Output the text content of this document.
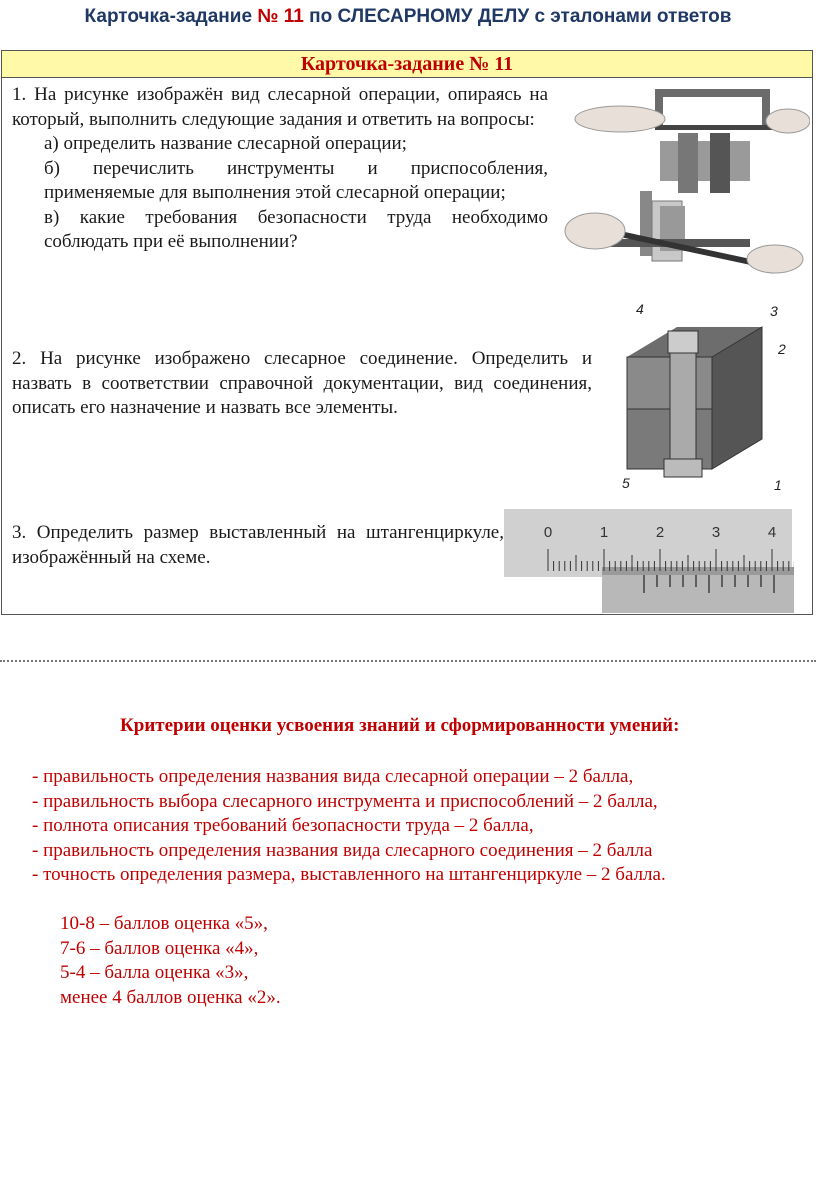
Карточка-задание № 11 по СЛЕСАРНОМУ ДЕЛУ с эталонами ответов
Карточка-задание № 11
1. На рисунке изображён вид слесарной операции, опираясь на который, выполнить следующие задания и ответить на вопросы:
а) определить название слесарной операции;
б) перечислить инструменты и приспособления, применяемые для выполнения этой слесарной операции;
в) какие требования безопасности труда необходимо соблюдать при её выполнении?
2. На рисунке изображено слесарное соединение. Определить и назвать в соответствии справочной документации, вид соединения, описать его назначение и назвать все элементы.
4	3
2
5	1
3. Определить размер выставленный на штангенциркуле, изображённый на схеме.
0	1	2	3	4
Критерии оценки усвоения знаний и сформированности умений:
- правильность определения названия вида слесарной операции – 2 балла,
- правильность выбора слесарного инструмента и приспособлений – 2 балла,
- полнота описания требований безопасности труда – 2 балла,
- правильность определения названия вида слесарного соединения – 2 балла
- точность определения размера, выставленного на штангенциркуле – 2 балла.
10-8 – баллов оценка «5»,
7-6 – баллов оценка «4»,
5-4 – балла оценка «3»,
менее 4 баллов оценка «2».
